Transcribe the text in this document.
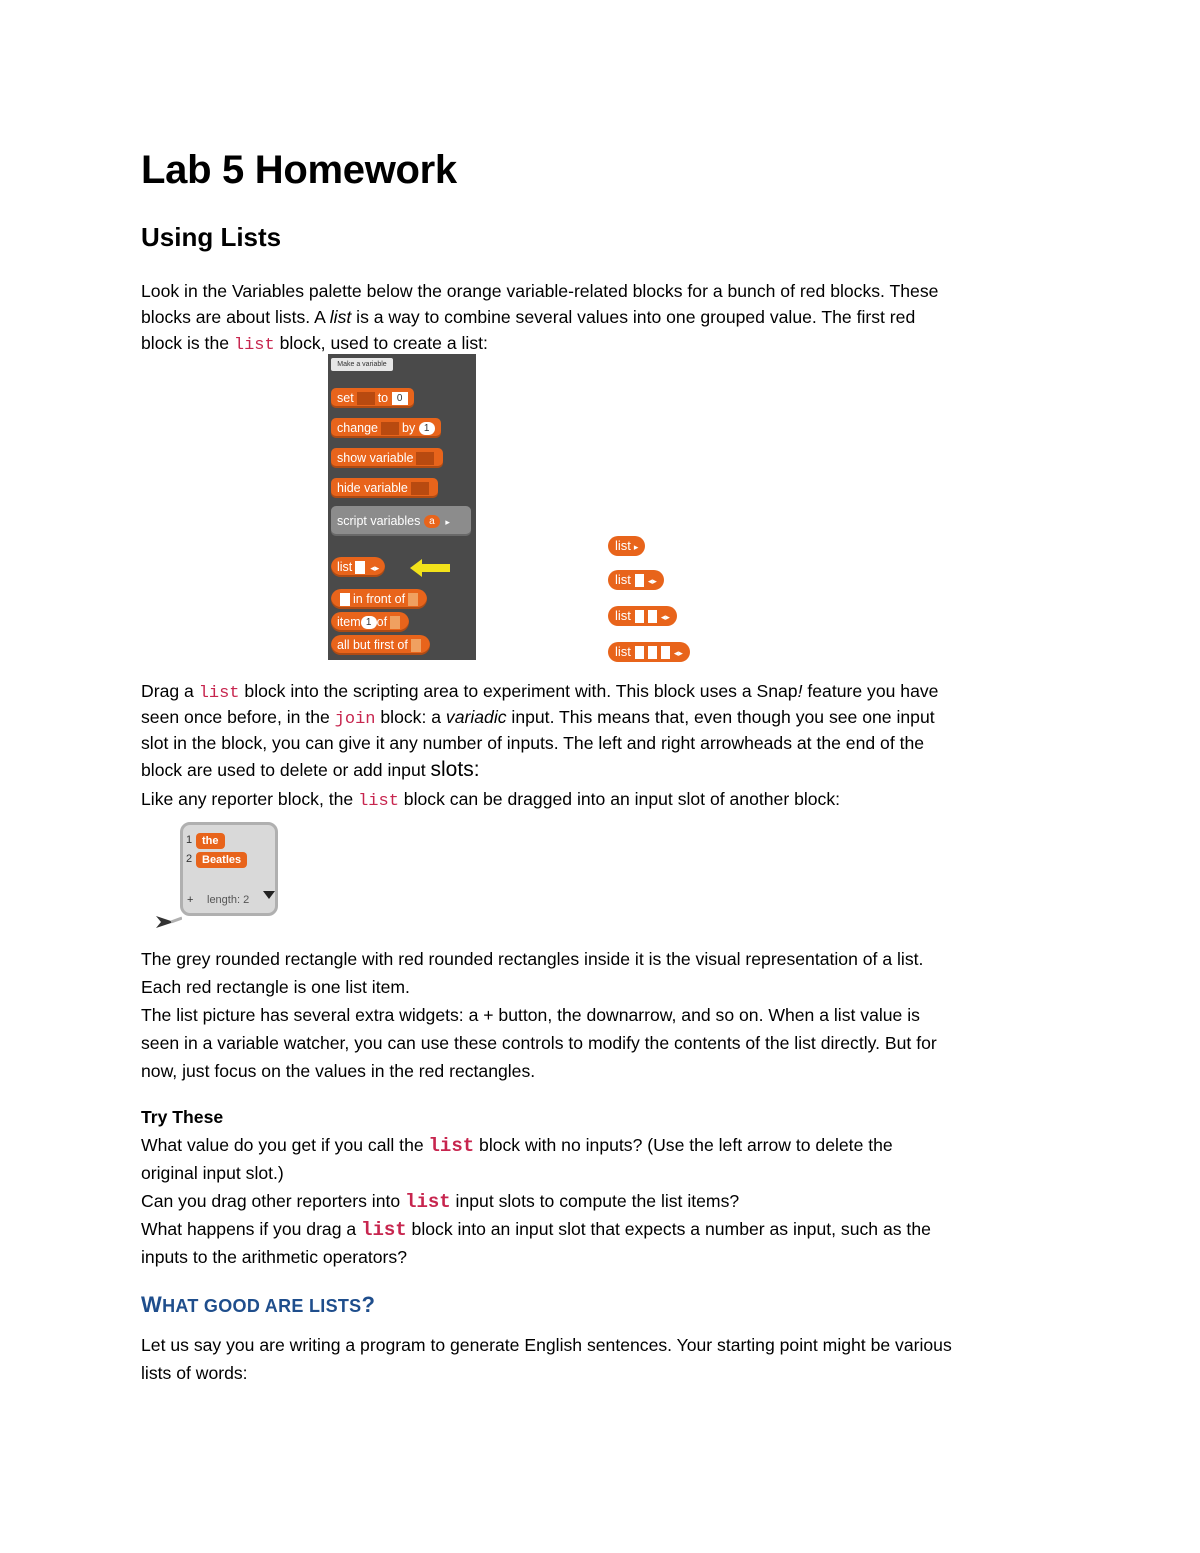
Lab 5 Homework
Using Lists
Look in the Variables palette below the orange variable-related blocks for a bunch of red blocks. These
blocks are about lists. A list is a way to combine several values into one grouped value. The first red
block is the list block, used to create a list:
Make a variable
set to 0
change by 1
show variable
hide variable
script variables a ▸
list ◂▸
in front of
item 1 of
all but first of
list ▸
list ◂▸
list	◂▸
list	◂▸
Drag a list block into the scripting area to experiment with. This block uses a Snap! feature you have
seen once before, in the join block: a variadic input. This means that, even though you see one input
slot in the block, you can give it any number of inputs. The left and right arrowheads at the end of the
block are used to delete or add input slots:
Like any reporter block, the list block can be dragged into an input slot of another block:
1 the
2 Beatles
+ length: 2
The grey rounded rectangle with red rounded rectangles inside it is the visual representation of a list.
Each red rectangle is one list item.
The list picture has several extra widgets: a + button, the downarrow, and so on. When a list value is
seen in a variable watcher, you can use these controls to modify the contents of the list directly. But for
now, just focus on the values in the red rectangles.
Try These
What value do you get if you call the list block with no inputs? (Use the left arrow to delete the
original input slot.)
Can you drag other reporters into list input slots to compute the list items?
What happens if you drag a list block into an input slot that expects a number as input, such as the
inputs to the arithmetic operators?
WHAT GOOD ARE LISTS?
Let us say you are writing a program to generate English sentences. Your starting point might be various
lists of words:
